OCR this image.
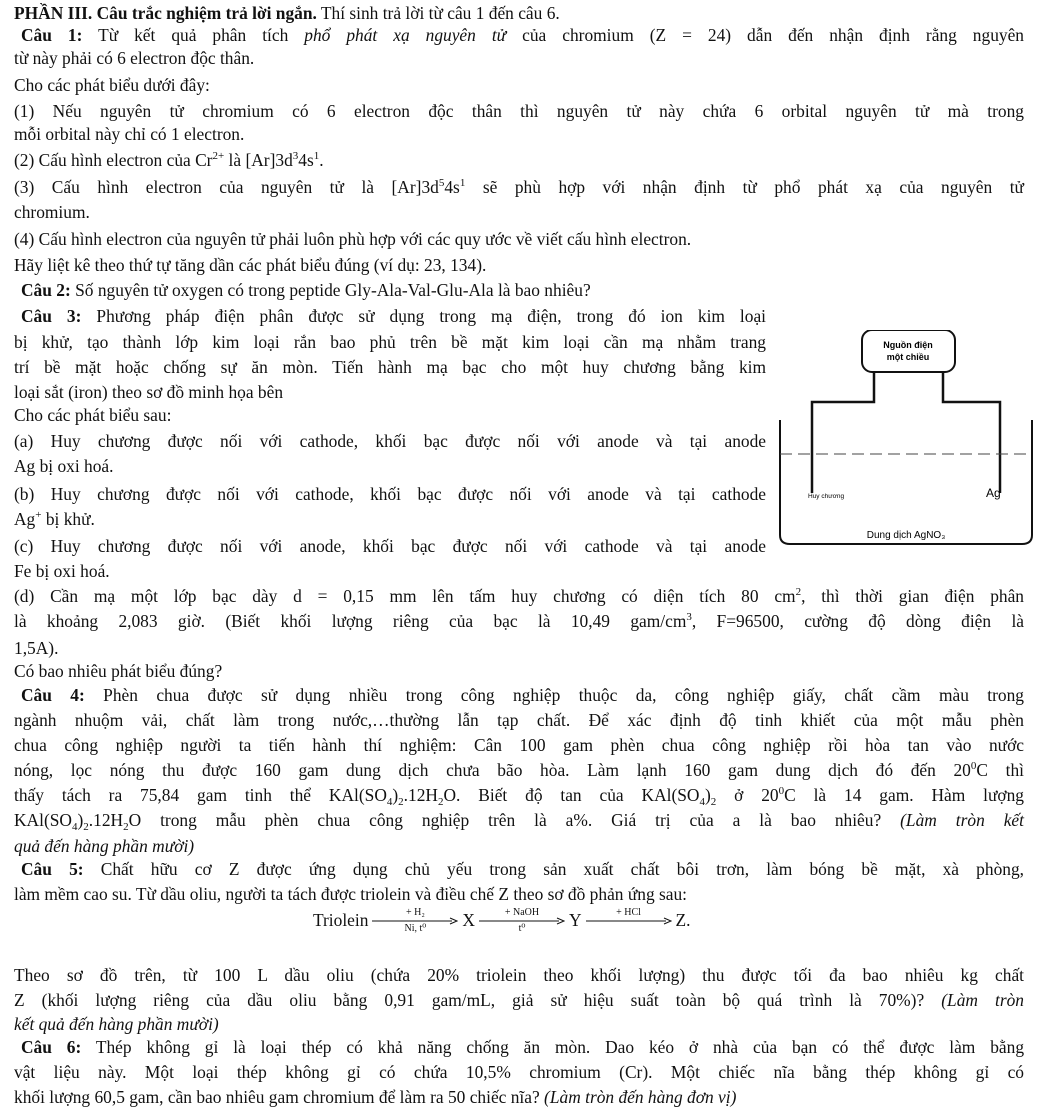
PHẦN III. Câu trắc nghiệm trả lời ngắn. Thí sinh trả lời từ câu 1 đến câu 6.
Câu 1: Từ kết quả phân tích phổ phát xạ nguyên tử của chromium (Z = 24) dẫn đến nhận định rằng nguyên
từ này phải có 6 electron độc thân.
Cho các phát biểu dưới đây:
(1) Nếu nguyên tử chromium có 6 electron độc thân thì nguyên tử này chứa 6 orbital nguyên tử mà trong
mỗi orbital này chỉ có 1 electron.
(2) Cấu hình electron của $Cr^{2+}$ là $[Ar]3d^34s^1$.
(3) Cấu hình electron của nguyên tử là $[Ar]3d^54s^1$ sẽ phù hợp với nhận định từ phổ phát xạ của nguyên tử
chromium.
(4) Cấu hình electron của nguyên tử phải luôn phù hợp với các quy ước về viết cấu hình electron.
Hãy liệt kê theo thứ tự tăng dần các phát biểu đúng (ví dụ: 23, 134).
Câu 2: Số nguyên tử oxygen có trong peptide Gly-Ala-Val-Glu-Ala là bao nhiêu?
Câu 3: Phương pháp điện phân được sử dụng trong mạ điện, trong đó ion kim loại
bị khử, tạo thành lớp kim loại rắn bao phủ trên bề mặt kim loại cần mạ nhằm trang
trí bề mặt hoặc chống sự ăn mòn. Tiến hành mạ bạc cho một huy chương bằng kim
loại sắt (iron) theo sơ đồ minh họa bên
Cho các phát biểu sau:
(a) Huy chương được nối với cathode, khối bạc được nối với anode và tại anode
Ag bị oxi hoá.
(b) Huy chương được nối với cathode, khối bạc được nối với anode và tại cathode
Ag+ bị khử.
(c) Huy chương được nối với anode, khối bạc được nối với cathode và tại anode
Fe bị oxi hoá.
(d) Cần mạ một lớp bạc dày d = 0,15 mm lên tấm huy chương có diện tích 80 $cm^2$, thì thời gian điện phân
là khoảng 2,083 giờ. (Biết khối lượng riêng của bạc là 10,49 gam/$cm^3$, F=96500, cường độ dòng điện là
1,5A).
Có bao nhiêu phát biểu đúng?
Câu 4: Phèn chua được sử dụng nhiều trong công nghiệp thuộc da, công nghiệp giấy, chất cầm màu trong
ngành nhuộm vải, chất làm trong nước,…thường lẫn tạp chất. Để xác định độ tinh khiết của một mẫu phèn
chua công nghiệp người ta tiến hành thí nghiệm: Cân 100 gam phèn chua công nghiệp rồi hòa tan vào nước
nóng, lọc nóng thu được 160 gam dung dịch chưa bão hòa. Làm lạnh 160 gam dung dịch đó đến $20^0C$ thì
thấy tách ra 75,84 gam tinh thể $KAl(SO_4)_2.12H_2O$. Biết độ tan của $KAl(SO_4)_2$ ở $20^0C$ là 14 gam. Hàm lượng
$KAl(SO_4)_2.12H_2O$ trong mẫu phèn chua công nghiệp trên là a%. Giá trị của a là bao nhiêu? (Làm tròn kết
quả đến hàng phần mười)
Câu 5: Chất hữu cơ Z được ứng dụng chủ yếu trong sản xuất chất bôi trơn, làm bóng bề mặt, xà phòng,
làm mềm cao su. Từ dầu oliu, người ta tách được triolein và điều chế Z theo sơ đồ phản ứng sau:
Theo sơ đồ trên, từ 100 L dầu oliu (chứa 20% triolein theo khối lượng) thu được tối đa bao nhiêu kg chất
Z (khối lượng riêng của dầu oliu bằng 0,91 gam/mL, giả sử hiệu suất toàn bộ quá trình là 70%)? (Làm tròn
kết quả đến hàng phần mười)
Câu 6: Thép không gỉ là loại thép có khả năng chống ăn mòn. Dao kéo ở nhà của bạn có thể được làm bằng
vật liệu này. Một loại thép không gỉ có chứa 10,5% chromium (Cr). Một chiếc nĩa bằng thép không gỉ có
khối lượng 60,5 gam, cần bao nhiêu gam chromium để làm ra 50 chiếc nĩa? (Làm tròn đến hàng đơn vị)
Triolein	+ H₂
Ni, t⁰	X	+ NaOH
t⁰	Y	+ HCl	Z.
Nguồn điện
một chiều
Huy chương	Ag
Dung dịch AgNO₃
